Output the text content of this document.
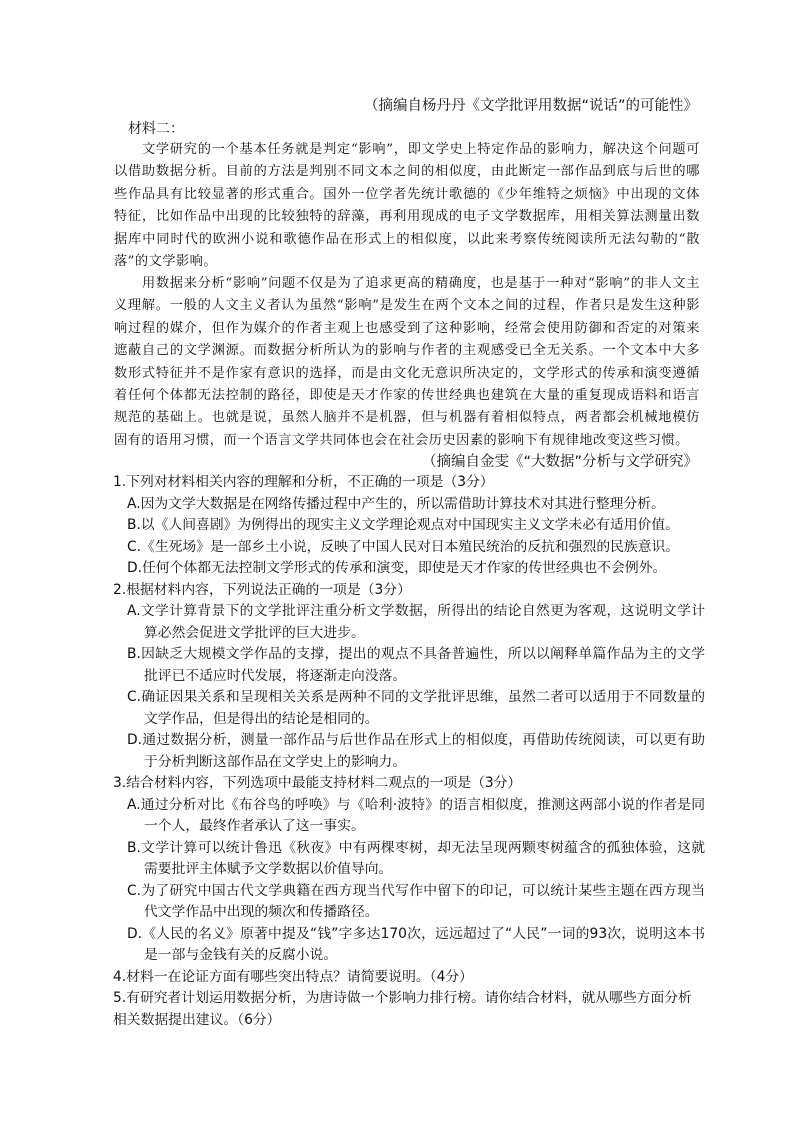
（摘编自杨丹丹《文学批评用数据“说话”的可能性》
材料二：

文学研究的一个基本任务就是判定“影响”，即文学史上特定作品的影响力，解决这个问题可以借助数据分析。目前的方法是判别不同文本之间的相似度，由此断定一部作品到底与后世的哪些作品具有比较显著的形式重合。国外一位学者先统计歌德的《少年维特之烦恼》中出现的文体特征，比如作品中出现的比较独特的辞藻，再利用现成的电子文学数据库，用相关算法测量出数据库中同时代的欧洲小说和歌德作品在形式上的相似度，以此来考察传统阅读所无法勾勒的“散落”的文学影响。

用数据来分析“影响”问题不仅是为了追求更高的精确度，也是基于一种对“影响”的非人文主义理解。一般的人文主义者认为虽然“影响”是发生在两个文本之间的过程，作者只是发生这种影响过程的媒介，但作为媒介的作者主观上也感受到了这种影响，经常会使用防御和否定的对策来遮蔽自己的文学渊源。而数据分析所认为的影响与作者的主观感受已全无关系。一个文本中大多数形式特征并不是作家有意识的选择，而是由文化无意识所决定的，文学形式的传承和演变遵循着任何个体都无法控制的路径，即使是天才作家的传世经典也建筑在大量的重复现成语料和语言规范的基础上。也就是说，虽然人脑并不是机器，但与机器有着相似特点，两者都会机械地模仿固有的语用习惯，而一个语言文学共同体也会在社会历史因素的影响下有规律地改变这些习惯。

（摘编自金雯《“大数据”分析与文学研究》

1.下列对材料相关内容的理解和分析，不正确的一项是（3分）

A.因为文学大数据是在网络传播过程中产生的，所以需借助计算技术对其进行整理分析。

B.以《人间喜剧》为例得出的现实主义文学理论观点对中国现实主义文学未必有适用价值。

C.《生死场》是一部乡土小说，反映了中国人民对日本殖民统治的反抗和强烈的民族意识。

D.任何个体都无法控制文学形式的传承和演变，即使是天才作家的传世经典也不会例外。

2.根据材料内容，下列说法正确的一项是（3分）

A.文学计算背景下的文学批评注重分析文学数据，所得出的结论自然更为客观，这说明文学计算必然会促进文学批评的巨大进步。

B.因缺乏大规模文学作品的支撑，提出的观点不具备普遍性，所以以阐释单篇作品为主的文学批评已不适应时代发展，将逐渐走向没落。

C.确证因果关系和呈现相关关系是两种不同的文学批评思维，虽然二者可以适用于不同数量的文学作品，但是得出的结论是相同的。

D.通过数据分析，测量一部作品与后世作品在形式上的相似度，再借助传统阅读，可以更有助于分析判断这部作品在文学史上的影响力。

3.结合材料内容，下列选项中最能支持材料二观点的一项是（3分）

A.通过分析对比《布谷鸟的呼唤》与《哈利·波特》的语言相似度，推测这两部小说的作者是同一个人，最终作者承认了这一事实。

B.文学计算可以统计鲁迅《秋夜》中有两棵枣树，却无法呈现两颗枣树蕴含的孤独体验，这就需要批评主体赋予文学数据以价值导向。

C.为了研究中国古代文学典籍在西方现当代写作中留下的印记，可以统计某些主题在西方现当代文学作品中出现的频次和传播路径。

D.《人民的名义》原著中提及“钱”字多达170次，远远超过了“人民”一词的93次，说明这本书是一部与金钱有关的反腐小说。

4.材料一在论证方面有哪些突出特点？请简要说明。（4分）

5.有研究者计划运用数据分析，为唐诗做一个影响力排行榜。请你结合材料，就从哪些方面分析相关数据提出建议。（6分）
